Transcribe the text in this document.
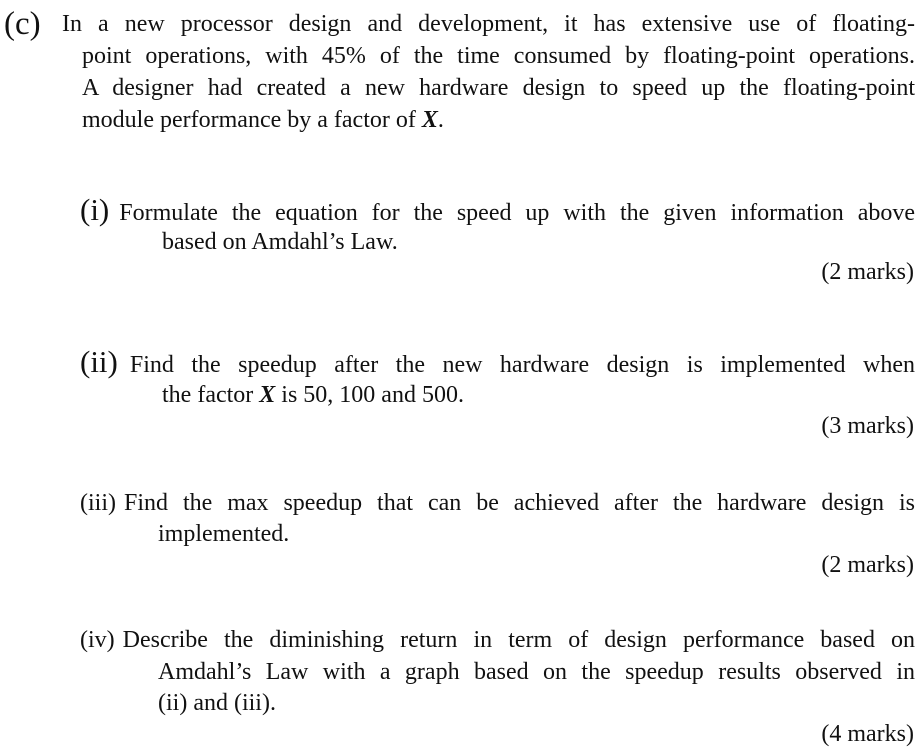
(c) In a new processor design and development, it has extensive use of floating-
point operations, with 45% of the time consumed by floating-point operations.
A designer had created a new hardware design to speed up the floating-point
module performance by a factor of X.
(i) Formulate the equation for the speed up with the given information above
based on Amdahl’s Law.
(2 marks)
(ii) Find the speedup after the new hardware design is implemented when
the factor X is 50, 100 and 500.
(3 marks)
(iii) Find the max speedup that can be achieved after the hardware design is
implemented.
(2 marks)
(iv) Describe the diminishing return in term of design performance based on
Amdahl’s Law with a graph based on the speedup results observed in
(ii) and (iii).
(4 marks)
